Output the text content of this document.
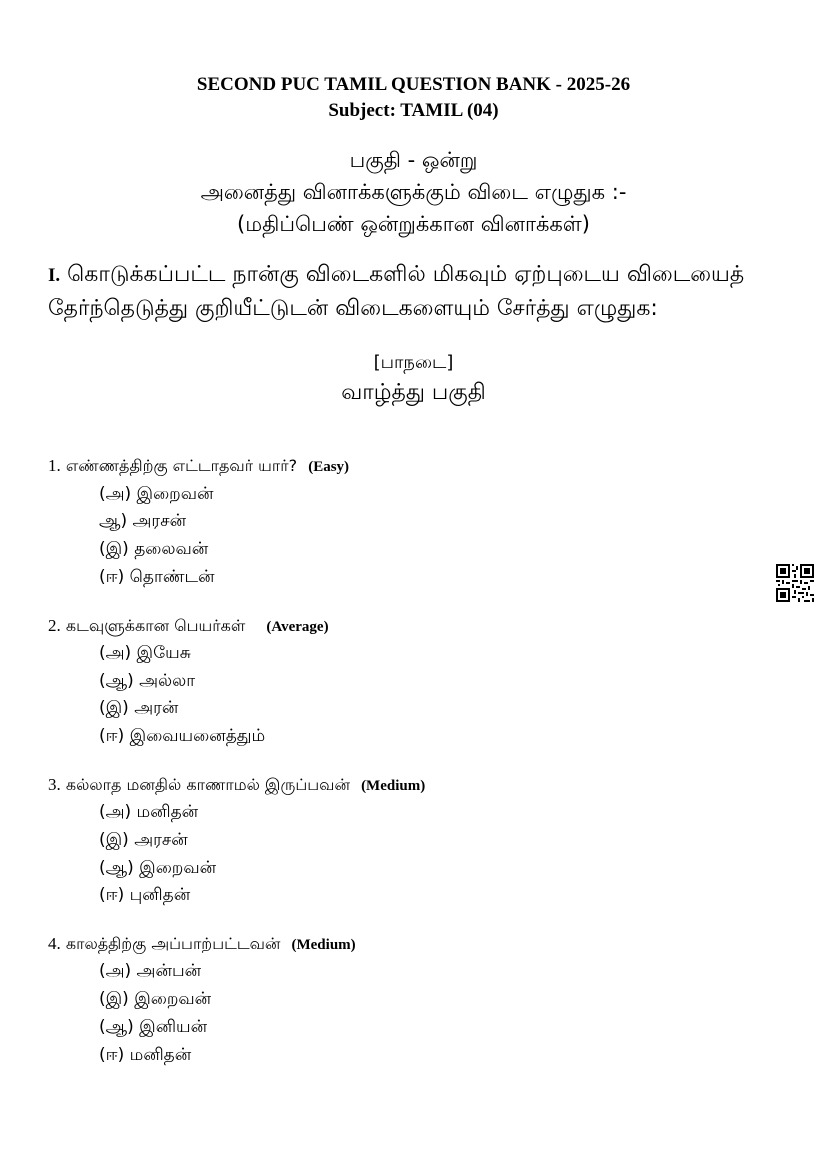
SECOND PUC TAMIL QUESTION BANK - 2025-26
Subject: TAMIL (04)
பகுதி - ஒன்று
அனைத்து வினாக்களுக்கும் விடை எழுதுக :-
(மதிப்பெண் ஒன்றுக்கான வினாக்கள்)
I. கொடுக்கப்பட்ட நான்கு விடைகளில் மிகவும் ஏற்புடைய விடையைத் தேர்ந்தெடுத்து குறியீட்டுடன் விடைகளையும் சேர்த்து எழுதுக:
[பாநடை]
வாழ்த்து பகுதி
1. எண்ணத்திற்கு எட்டாதவர் யார்? (Easy)
(அ) இறைவன்
ஆ) அரசன்
(இ) தலைவன்
(ஈ) தொண்டன்
2. கடவுளுக்கான பெயர்கள் (Average)
(அ) இயேசு
(ஆ) அல்லா
(இ) அரன்
(ஈ) இவையனைத்தும்
3. கல்லாத மனதில் காணாமல் இருப்பவன் (Medium)
(அ) மனிதன்
(இ) அரசன்
(ஆ) இறைவன்
(ஈ) புனிதன்
4. காலத்திற்கு அப்பாற்பட்டவன் (Medium)
(அ) அன்பன்
(இ) இறைவன்
(ஆ) இனியன்
(ஈ) மனிதன்
